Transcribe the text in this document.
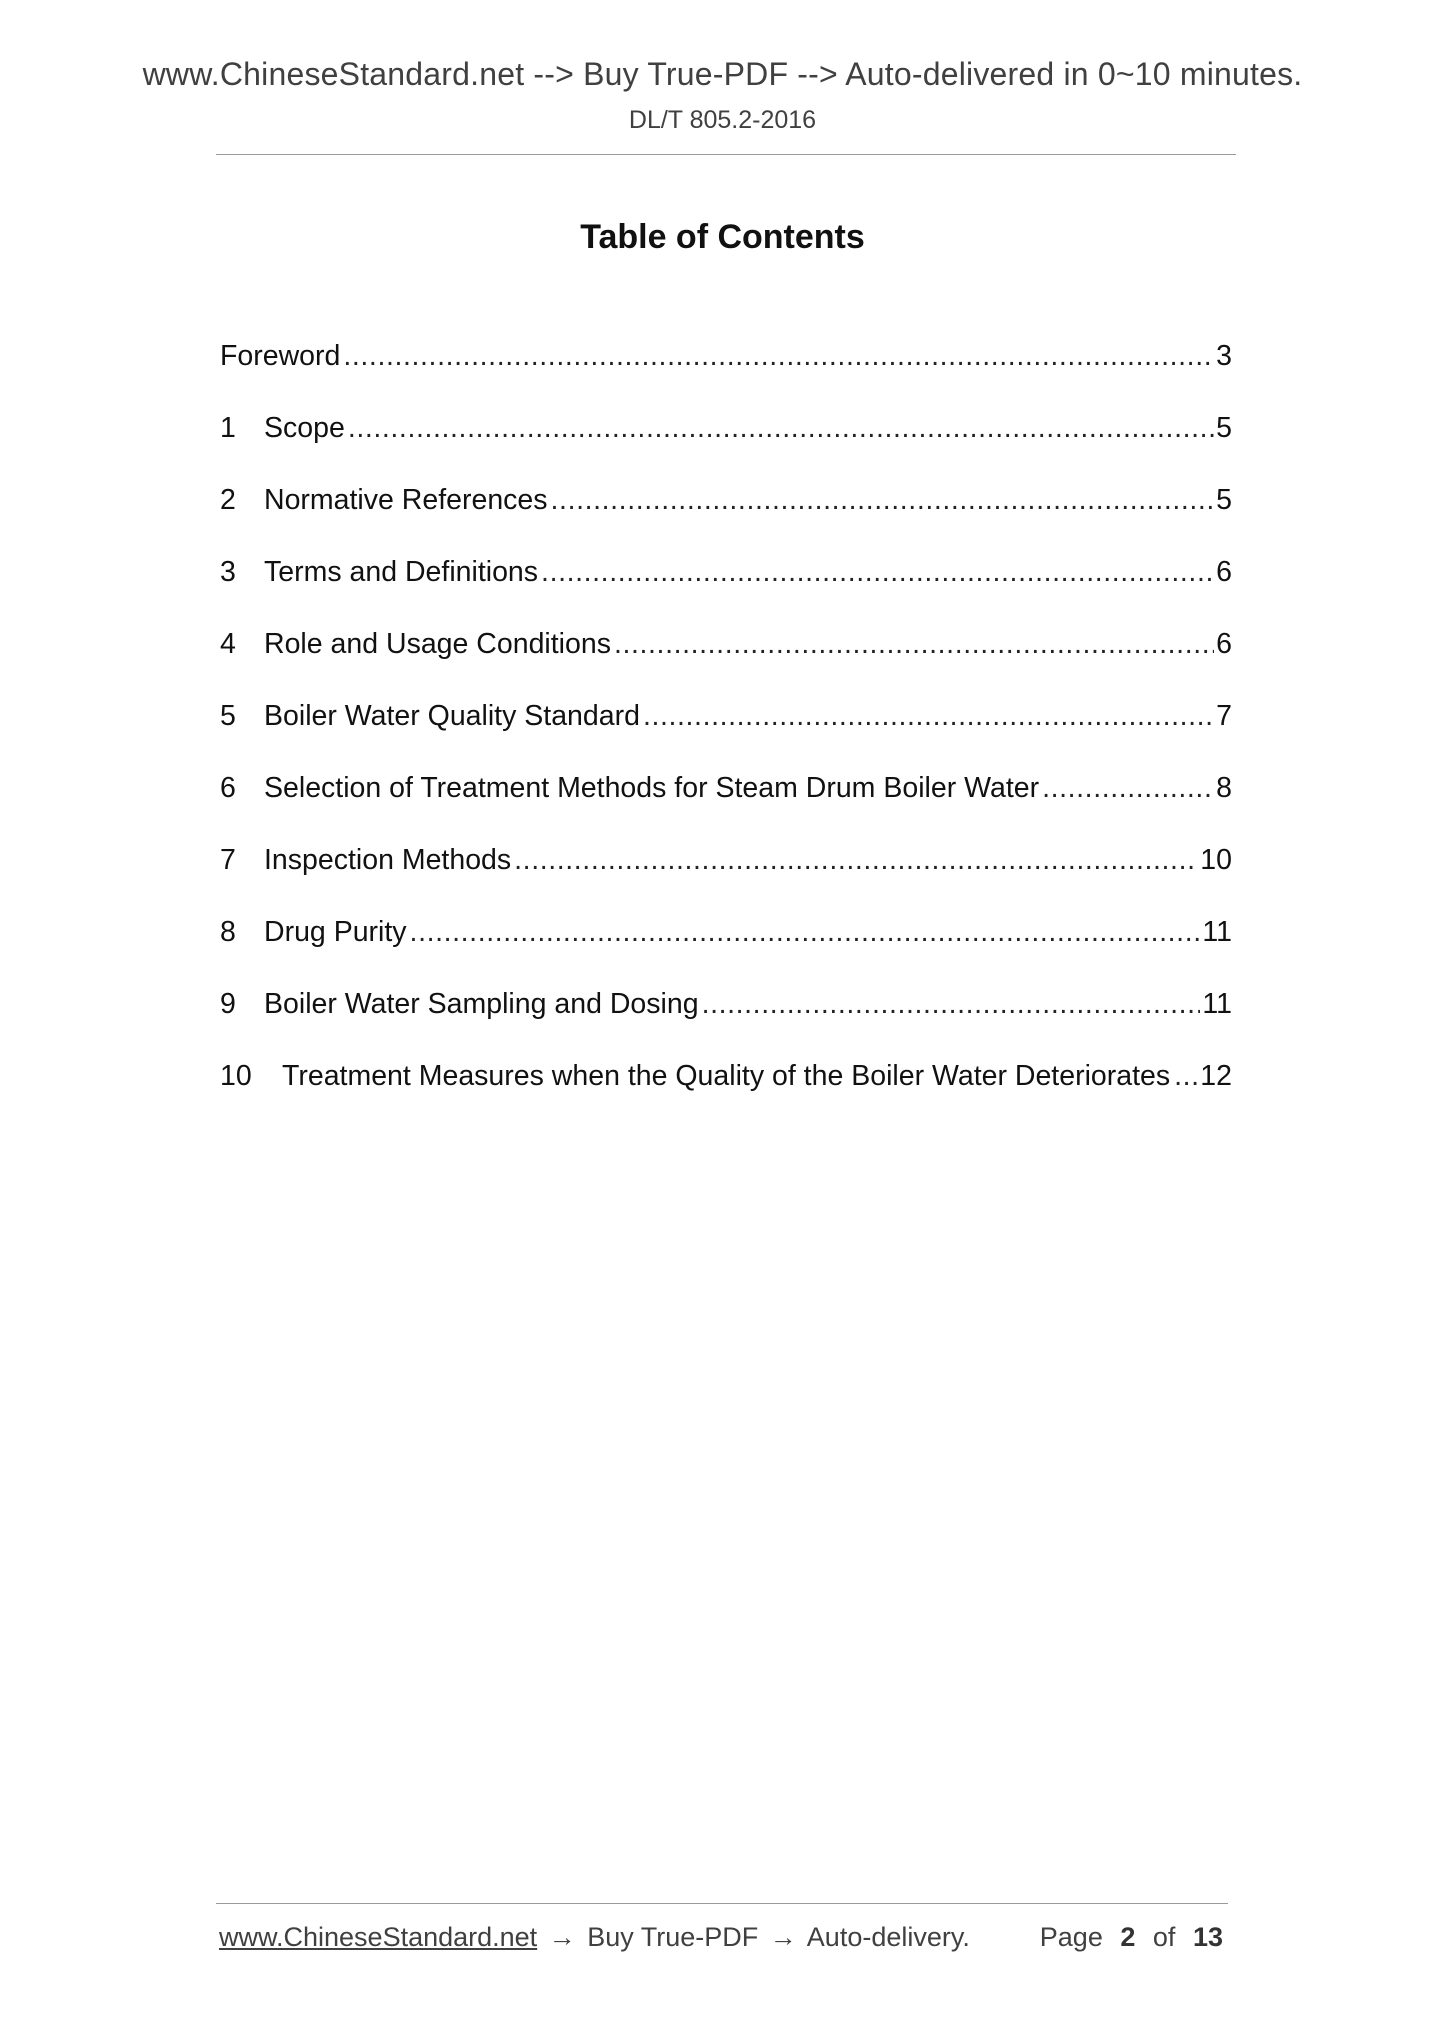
www.ChineseStandard.net --> Buy True-PDF --> Auto-delivered in 0~10 minutes.
DL/T 805.2-2016
Table of Contents
Foreword .....	3
1 Scope .....	5
2 Normative References .....	5
3 Terms and Definitions .....	6
4 Role and Usage Conditions .....	6
5 Boiler Water Quality Standard .....	7
6 Selection of Treatment Methods for Steam Drum Boiler Water .....	8
7 Inspection Methods .....	10
8 Drug Purity .....	11
9 Boiler Water Sampling and Dosing .....	11
10	Treatment Measures when the Quality of the Boiler Water Deteriorates ..... 12
www.ChineseStandard.net → Buy True-PDF → Auto-delivery.	Page 2 of 13
